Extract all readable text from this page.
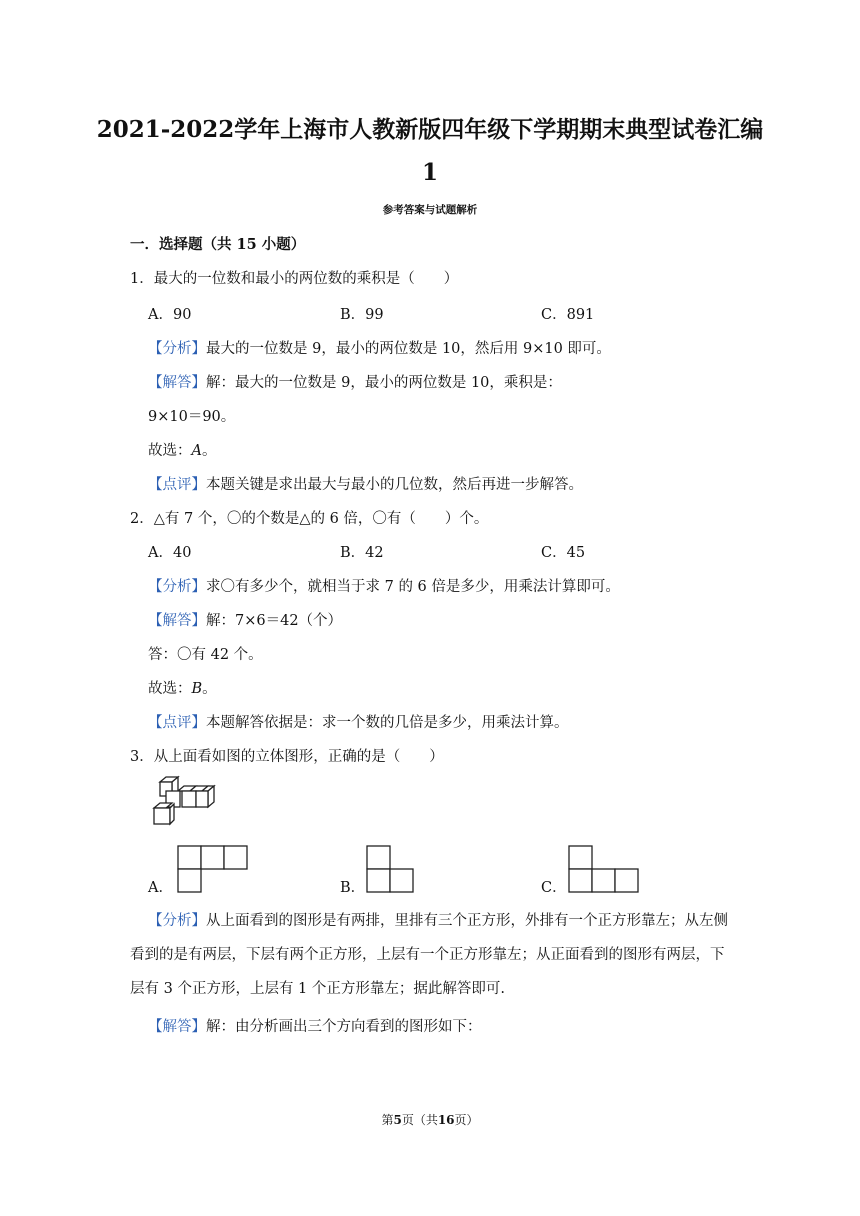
2021-2022学年上海市人教新版四年级下学期期末典型试卷汇编
1
参考答案与试题解析
一．选择题（共 15 小题）
1．最大的一位数和最小的两位数的乘积是（　　）
A．90	B．99	C．891
【分析】最大的一位数是 9，最小的两位数是 10，然后用 9×10 即可。
【解答】解：最大的一位数是 9，最小的两位数是 10，乘积是：
9×10＝90。
故选：A。
【点评】本题关键是求出最大与最小的几位数，然后再进一步解答。
2．△有 7 个，〇的个数是△的 6 倍，〇有（　　）个。
A．40	B．42	C．45
【分析】求〇有多少个，就相当于求 7 的 6 倍是多少，用乘法计算即可。
【解答】解：7×6＝42（个）
答：〇有 42 个。
故选：B。
【点评】本题解答依据是：求一个数的几倍是多少，用乘法计算。
3．从上面看如图的立体图形，正确的是（　　）
A．	B．	C．
【分析】从上面看到的图形是有两排，里排有三个正方形，外排有一个正方形靠左；从左侧看到的是有两层，下层有两个正方形，上层有一个正方形靠左；从正面看到的图形有两层，下层有 3 个正方形，上层有 1 个正方形靠左；据此解答即可.
【解答】解：由分析画出三个方向看到的图形如下：
第5页（共16页）
